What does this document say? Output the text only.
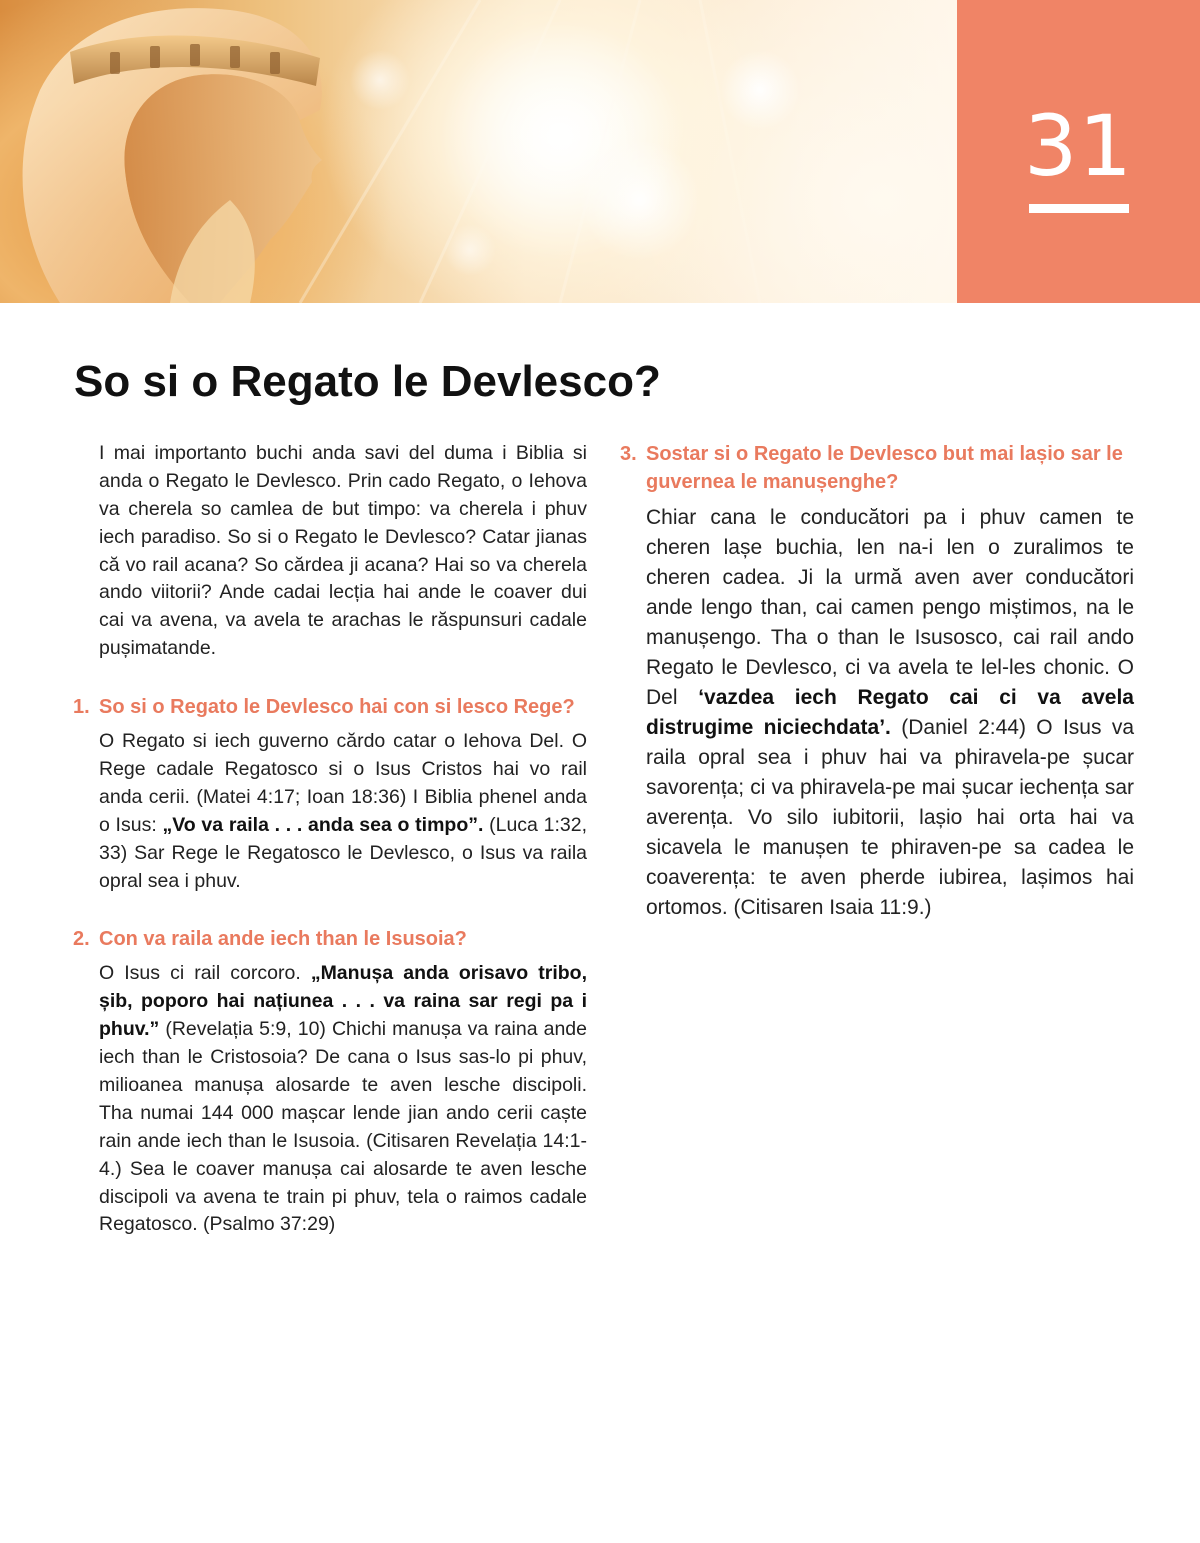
31
So si o Regato le Devlesco?

I mai importanto buchi anda savi del duma i Biblia si anda o Regato le Devlesco. Prin cado Regato, o Iehova va cherela so camlea de but timpo: va cherela i phuv iech paradiso. So si o Regato le Devlesco? Catar jianas că vo rail acana? So cărdea ji acana? Hai so va cherela ando viitorii? Ande cadai lecția hai ande le coaver dui cai va avena, va avela te arachas le răspunsuri cadale pușimatande.

1. So si o Regato le Devlesco hai con si lesco Rege?

O Regato si iech guverno cărdo catar o Iehova Del. O Rege cadale Regatosco si o Isus Cristos hai vo rail anda cerii. (Matei 4:17; Ioan 18:36) I Biblia phenel anda o Isus: „Vo va raila . . . anda sea o timpo”. (Luca 1:32, 33) Sar Rege le Regatosco le Devlesco, o Isus va raila opral sea i phuv.

2. Con va raila ande iech than le Isusoia?

O Isus ci rail corcoro. „Manușa anda orisavo tribo, șib, poporo hai națiunea . . . va raina sar regi pa i phuv.” (Revelația 5:9, 10) Chichi manușa va raina ande iech than le Cristosoia? De cana o Isus sas-lo pi phuv, milioanea manușa alosarde te aven lesche discipoli. Tha numai 144 000 mașcar lende jian ando cerii caște rain ande iech than le Isusoia. (Citisaren Revelația 14:1-4.) Sea le coaver manușa cai alosarde te aven lesche discipoli va avena te train pi phuv, tela o raimos cadale Regatosco. (Psalmo 37:29)

3. Sostar si o Regato le Devlesco but mai lașio sar le guvernea le manușenghe?

Chiar cana le conducători pa i phuv camen te cheren lașe buchia, len na-i len o zuralimos te cheren cadea. Ji la urmă aven aver conducători ande lengo than, cai camen pengo miștimos, na le manușengo. Tha o than le Isusosco, cai rail ando Regato le Devlesco, ci va avela te lel-les chonic. O Del ‘vazdea iech Regato cai ci va avela distrugime niciechdata’. (Daniel 2:44) O Isus va raila opral sea i phuv hai va phiravela-pe șucar savorența; ci va phiravela-pe mai șucar iechența sar averența. Vo silo iubitorii, lașio hai orta hai va sicavela le manușen te phiraven-pe sa cadea le coaverența: te aven pherde iubirea, lașimos hai ortomos. (Citisaren Isaia 11:9.)
